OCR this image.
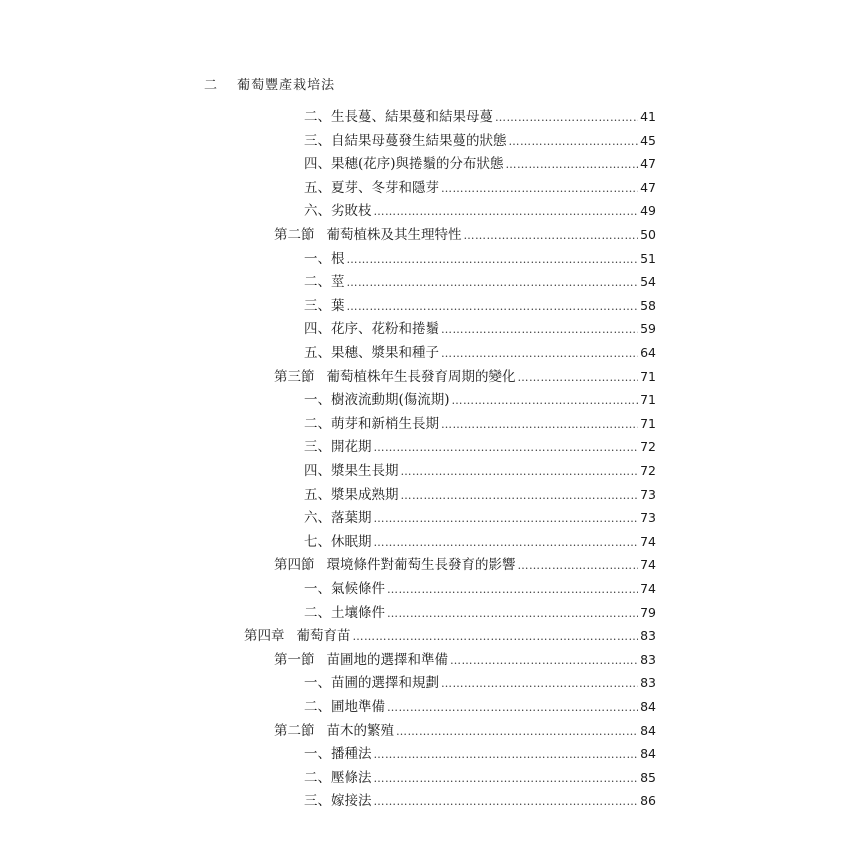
二 葡萄豐產栽培法
二、生長蔓、結果蔓和結果母蔓 …………………………………………………………………………………………………………………………………………………………………………	41
三、自結果母蔓發生結果蔓的狀態 …………………………………………………………………………………………………………………………………………………………………………	45
四、果穗(花序)與捲鬚的分布狀態 …………………………………………………………………………………………………………………………………………………………………………	47
五、夏芽、冬芽和隱芽 …………………………………………………………………………………………………………………………………………………………………………	47
六、劣敗枝 …………………………………………………………………………………………………………………………………………………………………………	49
第二節 葡萄植株及其生理特性 …………………………………………………………………………………………………………………………………………………………………………	50
一、根 …………………………………………………………………………………………………………………………………………………………………………	51
二、莖 …………………………………………………………………………………………………………………………………………………………………………	54
三、葉 …………………………………………………………………………………………………………………………………………………………………………	58
四、花序、花粉和捲鬚 …………………………………………………………………………………………………………………………………………………………………………	59
五、果穗、漿果和種子 …………………………………………………………………………………………………………………………………………………………………………	64
第三節 葡萄植株年生長發育周期的變化 …………………………………………………………………………………………………………………………………………………………………………	71
一、樹液流動期(傷流期) …………………………………………………………………………………………………………………………………………………………………………	71
二、萌芽和新梢生長期 …………………………………………………………………………………………………………………………………………………………………………	71
三、開花期 …………………………………………………………………………………………………………………………………………………………………………	72
四、漿果生長期 …………………………………………………………………………………………………………………………………………………………………………	72
五、漿果成熟期 …………………………………………………………………………………………………………………………………………………………………………	73
六、落葉期 …………………………………………………………………………………………………………………………………………………………………………	73
七、休眠期 …………………………………………………………………………………………………………………………………………………………………………	74
第四節 環境條件對葡萄生長發育的影響 …………………………………………………………………………………………………………………………………………………………………………	74
一、氣候條件 …………………………………………………………………………………………………………………………………………………………………………	74
二、土壤條件 …………………………………………………………………………………………………………………………………………………………………………	79
第四章 葡萄育苗 …………………………………………………………………………………………………………………………………………………………………………	83
第一節 苗圃地的選擇和準備 …………………………………………………………………………………………………………………………………………………………………………	83
一、苗圃的選擇和規劃 …………………………………………………………………………………………………………………………………………………………………………	83
二、圃地準備 …………………………………………………………………………………………………………………………………………………………………………	84
第二節 苗木的繁殖 …………………………………………………………………………………………………………………………………………………………………………	84
一、播種法 …………………………………………………………………………………………………………………………………………………………………………	84
二、壓條法 …………………………………………………………………………………………………………………………………………………………………………	85
三、嫁接法 …………………………………………………………………………………………………………………………………………………………………………	86
